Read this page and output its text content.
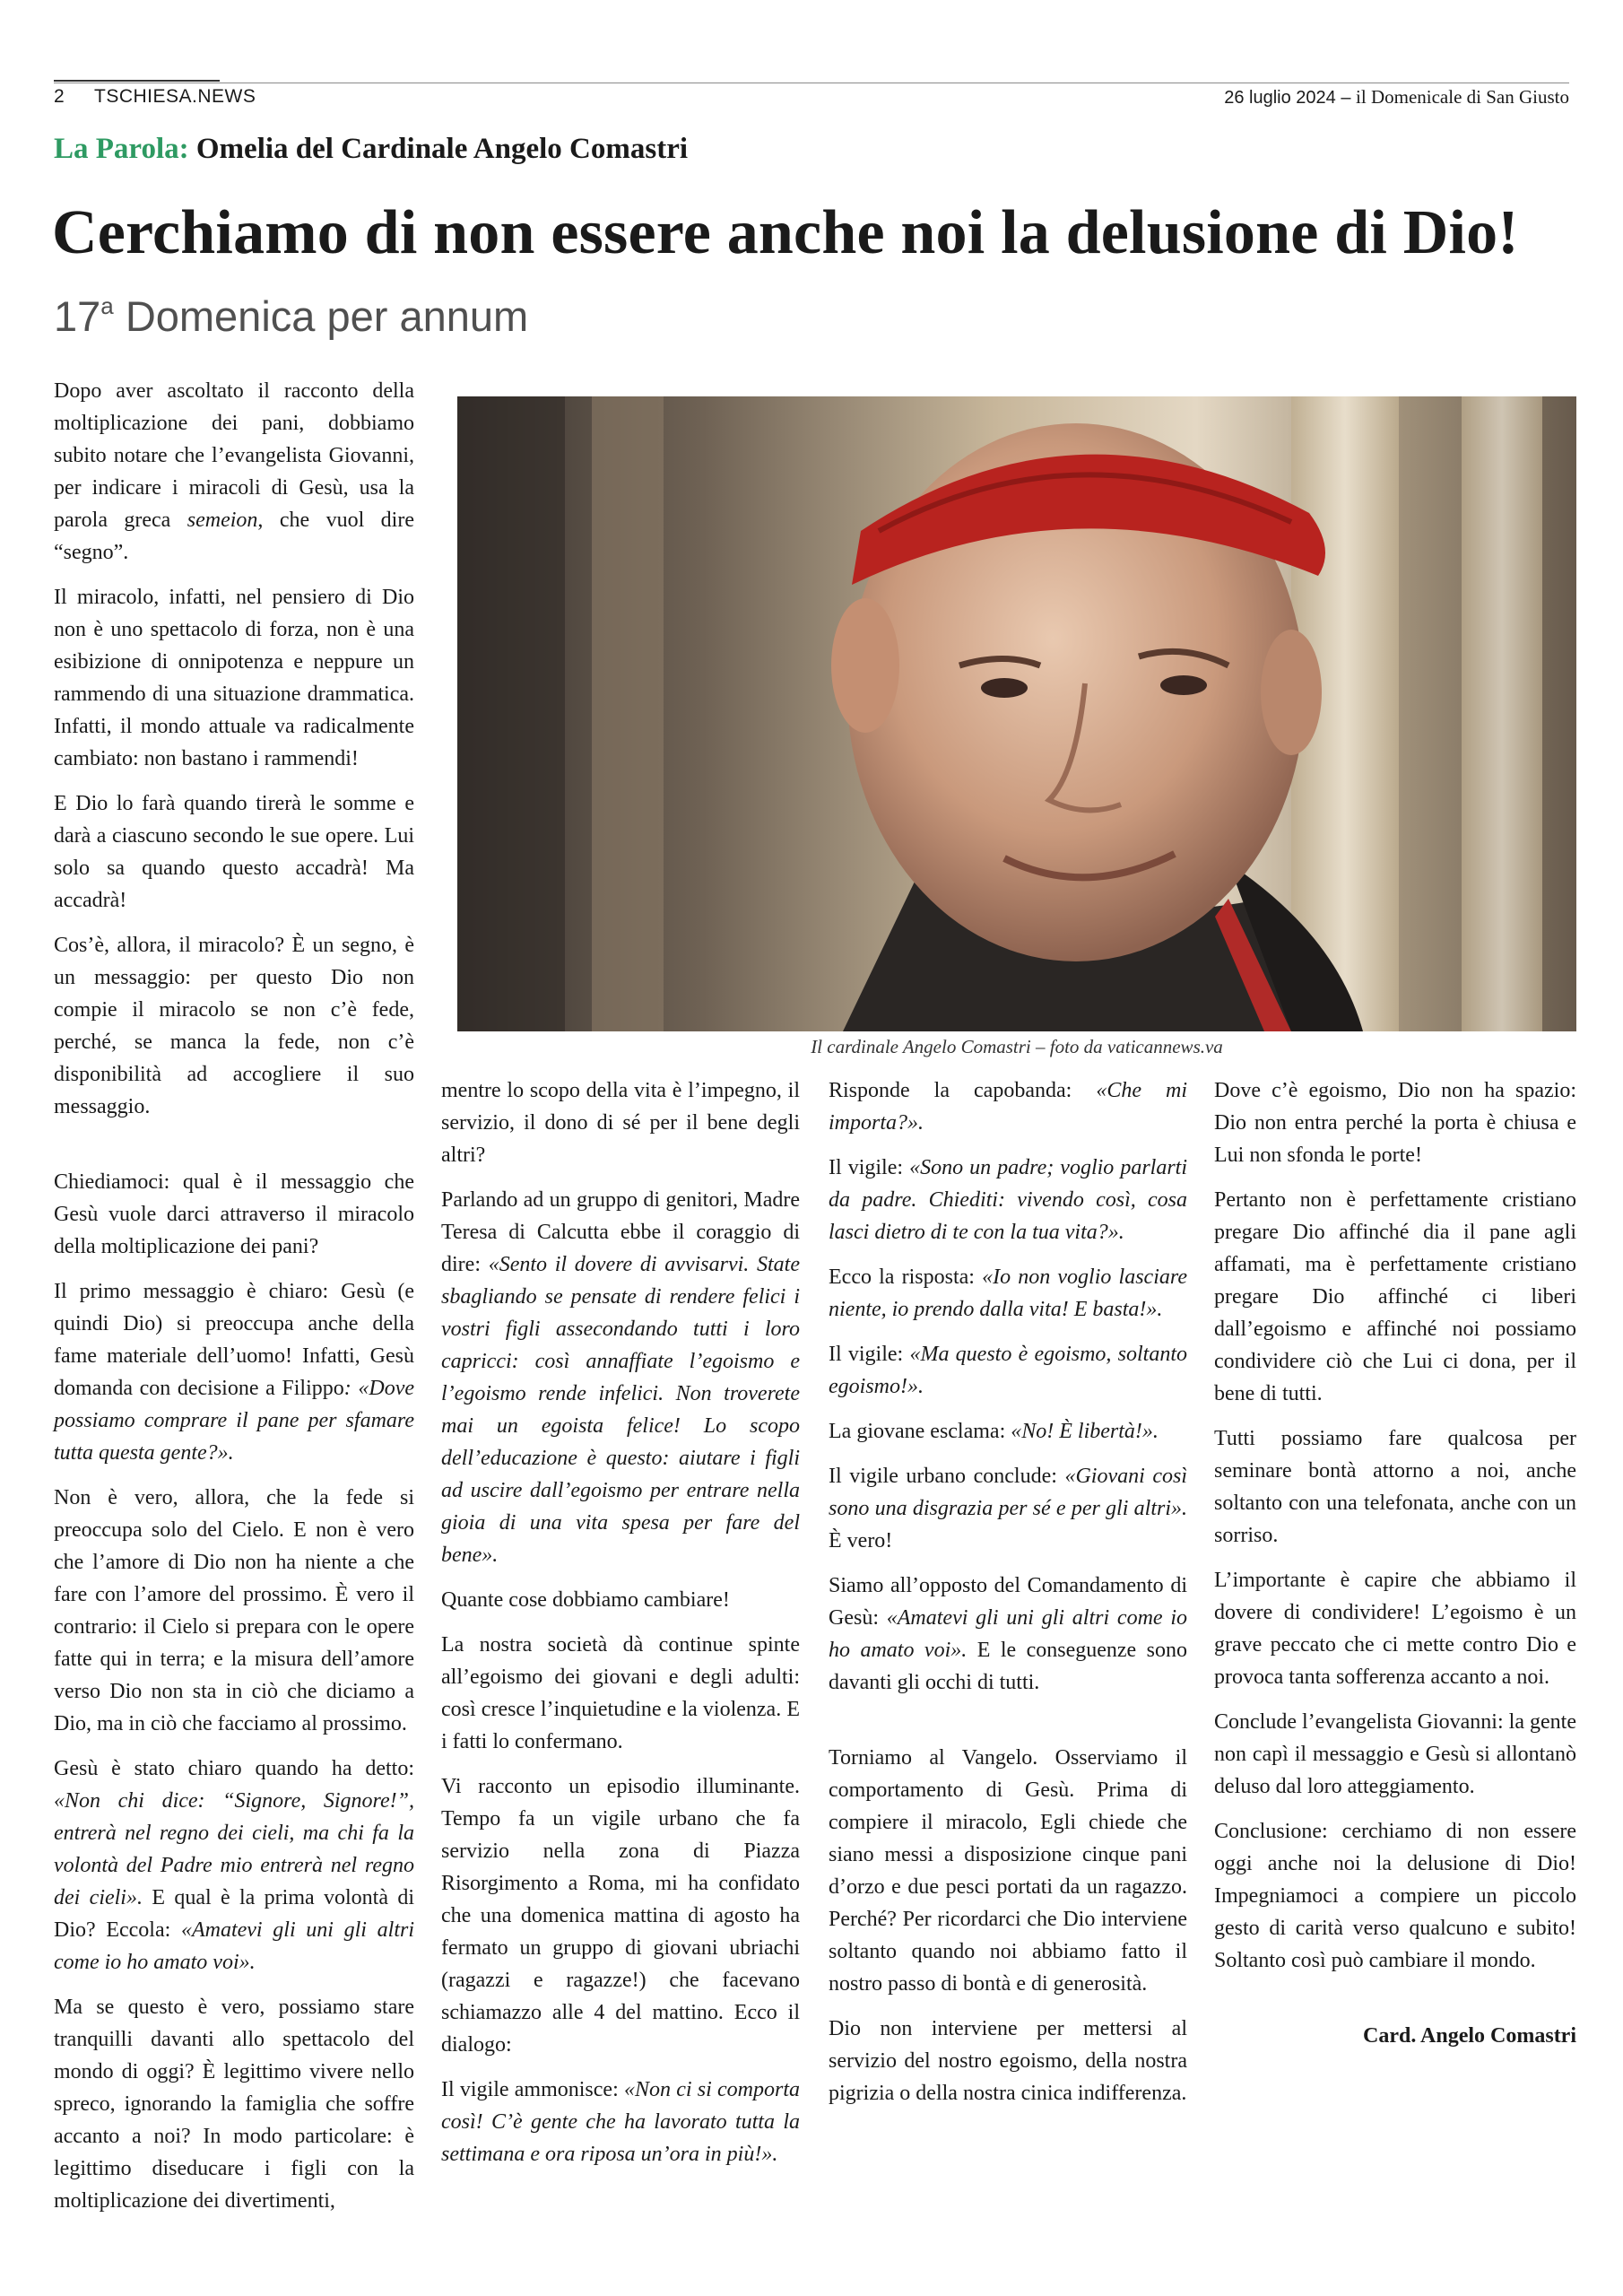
2 TSCHIESA.NEWS	26 luglio 2024 – il Domenicale di San Giusto
La Parola: Omelia del Cardinale Angelo Comastri
Cerchiamo di non essere anche noi la delusione di Dio!
17$^a$ Domenica per annum
Il cardinale Angelo Comastri – foto da vaticannews.va

Dopo aver ascoltato il racconto della moltiplicazione dei pani, dobbiamo subito notare che l’evangelista Giovanni, per indicare i miracoli di Gesù, usa la parola greca semeion, che vuol dire “segno”.

Il miracolo, infatti, nel pensiero di Dio non è uno spettacolo di forza, non è una esibizione di onnipotenza e neppure un rammendo di una situazione drammatica. Infatti, il mondo attuale va radicalmente cambiato: non bastano i rammendi!

E Dio lo farà quando tirerà le somme e darà a ciascuno secondo le sue opere. Lui solo sa quando questo accadrà! Ma accadrà!

Cos’è, allora, il miracolo? È un segno, è un messaggio: per questo Dio non compie il miracolo se non c’è fede, perché, se manca la fede, non c’è disponibilità ad accogliere il suo messaggio.

Chiediamoci: qual è il messaggio che Gesù vuole darci attraverso il miracolo della moltiplicazione dei pani?

Il primo messaggio è chiaro: Gesù (e quindi Dio) si preoccupa anche della fame materiale dell’uomo! Infatti, Gesù domanda con decisione a Filippo: «Dove possiamo comprare il pane per sfamare tutta questa gente?».

Non è vero, allora, che la fede si preoccupa solo del Cielo. E non è vero che l’amore di Dio non ha niente a che fare con l’amore del prossimo. È vero il contrario: il Cielo si prepara con le opere fatte qui in terra; e la misura dell’amore verso Dio non sta in ciò che diciamo a Dio, ma in ciò che facciamo al prossimo.

Gesù è stato chiaro quando ha detto: «Non chi dice: “Signore, Signore!”, entrerà nel regno dei cieli, ma chi fa la volontà del Padre mio entrerà nel regno dei cieli». E qual è la prima volontà di Dio? Eccola: «Amatevi gli uni gli altri come io ho amato voi».

Ma se questo è vero, possiamo stare tranquilli davanti allo spettacolo del mondo di oggi? È legittimo vivere nello spreco, ignorando la famiglia che soffre accanto a noi? In modo particolare: è legittimo diseducare i figli con la moltiplicazione dei divertimenti,

mentre lo scopo della vita è l’impegno, il servizio, il dono di sé per il bene degli altri?

Parlando ad un gruppo di genitori, Madre Teresa di Calcutta ebbe il coraggio di dire: «Sento il dovere di avvisarvi. State sbagliando se pensate di rendere felici i vostri figli assecondando tutti i loro capricci: così annaffiate l’egoismo e l’egoismo rende infelici. Non troverete mai un egoista felice! Lo scopo dell’educazione è questo: aiutare i figli ad uscire dall’egoismo per entrare nella gioia di una vita spesa per fare del bene».

Quante cose dobbiamo cambiare!

La nostra società dà continue spinte all’egoismo dei giovani e degli adulti: così cresce l’inquietudine e la violenza. E i fatti lo confermano.

Vi racconto un episodio illuminante. Tempo fa un vigile urbano che fa servizio nella zona di Piazza Risorgimento a Roma, mi ha confidato che una domenica mattina di agosto ha fermato un gruppo di giovani ubriachi (ragazzi e ragazze!) che facevano schiamazzo alle 4 del mattino. Ecco il dialogo:

Il vigile ammonisce: «Non ci si comporta così! C’è gente che ha lavorato tutta la settimana e ora riposa un’ora in più!».

Risponde la capobanda: «Che mi importa?».

Il vigile: «Sono un padre; voglio parlarti da padre. Chiediti: vivendo così, cosa lasci dietro di te con la tua vita?».

Ecco la risposta: «Io non voglio lasciare niente, io prendo dalla vita! E basta!».

Il vigile: «Ma questo è egoismo, soltanto egoismo!».

La giovane esclama: «No! È libertà!».

Il vigile urbano conclude: «Giovani così sono una disgrazia per sé e per gli altri». È vero!

Siamo all’opposto del Comandamento di Gesù: «Amatevi gli uni gli altri come io ho amato voi». E le conseguenze sono davanti gli occhi di tutti.

Torniamo al Vangelo. Osserviamo il comportamento di Gesù. Prima di compiere il miracolo, Egli chiede che siano messi a disposizione cinque pani d’orzo e due pesci portati da un ragazzo. Perché? Per ricordarci che Dio interviene soltanto quando noi abbiamo fatto il nostro passo di bontà e di generosità.

Dio non interviene per mettersi al servizio del nostro egoismo, della nostra pigrizia o della nostra cinica indifferenza.

Dove c’è egoismo, Dio non ha spazio: Dio non entra perché la porta è chiusa e Lui non sfonda le porte!

Pertanto non è perfettamente cristiano pregare Dio affinché dia il pane agli affamati, ma è perfettamente cristiano pregare Dio affinché ci liberi dall’egoismo e affinché noi possiamo condividere ciò che Lui ci dona, per il bene di tutti.

Tutti possiamo fare qualcosa per seminare bontà attorno a noi, anche soltanto con una telefonata, anche con un sorriso.

L’importante è capire che abbiamo il dovere di condividere! L’egoismo è un grave peccato che ci mette contro Dio e provoca tanta sofferenza accanto a noi.

Conclude l’evangelista Giovanni: la gente non capì il messaggio e Gesù si allontanò deluso dal loro atteggiamento.

Conclusione: cerchiamo di non essere oggi anche noi la delusione di Dio! Impegniamoci a compiere un piccolo gesto di carità verso qualcuno e subito! Soltanto così può cambiare il mondo.

Card. Angelo Comastri
